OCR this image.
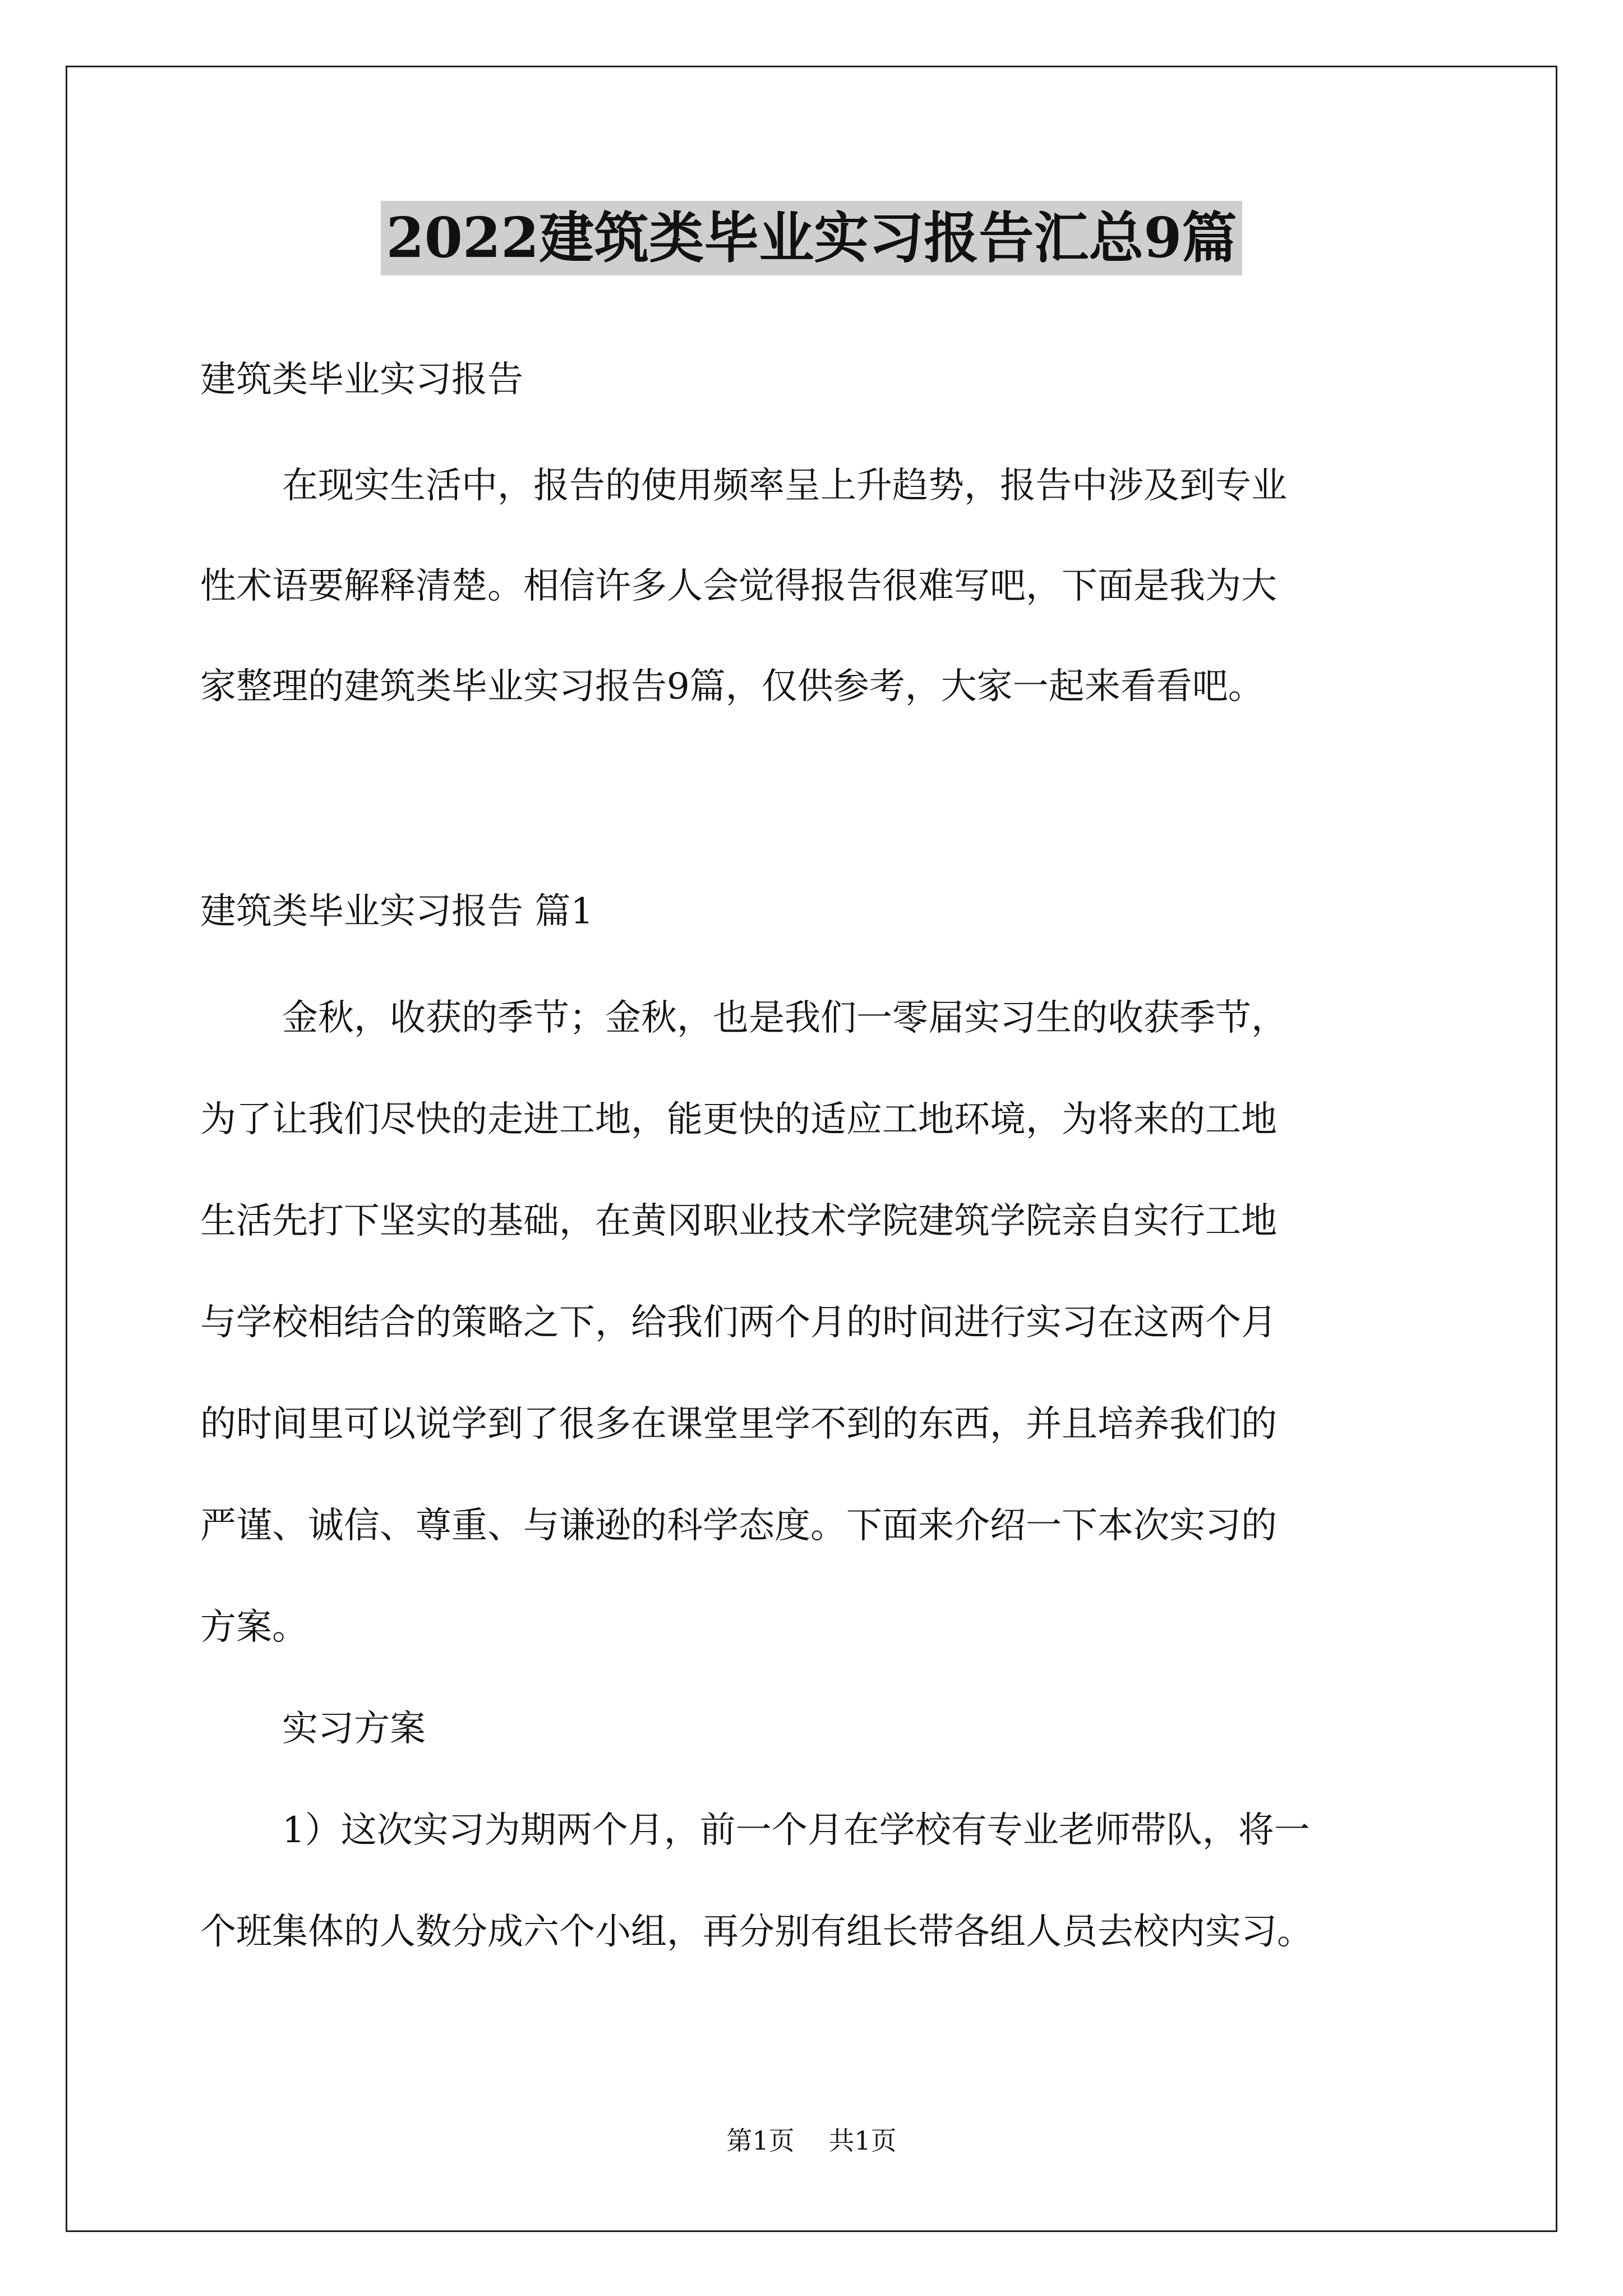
2022建筑类毕业实习报告汇总9篇
建筑类毕业实习报告
在现实生活中，报告的使用频率呈上升趋势，报告中涉及到专业
性术语要解释清楚。相信许多人会觉得报告很难写吧，下面是我为大
家整理的建筑类毕业实习报告9篇，仅供参考，大家一起来看看吧。
建筑类毕业实习报告 篇1
金秋，收获的季节；金秋，也是我们一零届实习生的收获季节，
为了让我们尽快的走进工地，能更快的适应工地环境，为将来的工地
生活先打下坚实的基础，在黄冈职业技术学院建筑学院亲自实行工地
与学校相结合的策略之下，给我们两个月的时间进行实习在这两个月
的时间里可以说学到了很多在课堂里学不到的东西，并且培养我们的
严谨、诚信、尊重、与谦逊的科学态度。下面来介绍一下本次实习的
方案。
实习方案
1）这次实习为期两个月，前一个月在学校有专业老师带队，将一
个班集体的人数分成六个小组，再分别有组长带各组人员去校内实习。
第1页  共1页
